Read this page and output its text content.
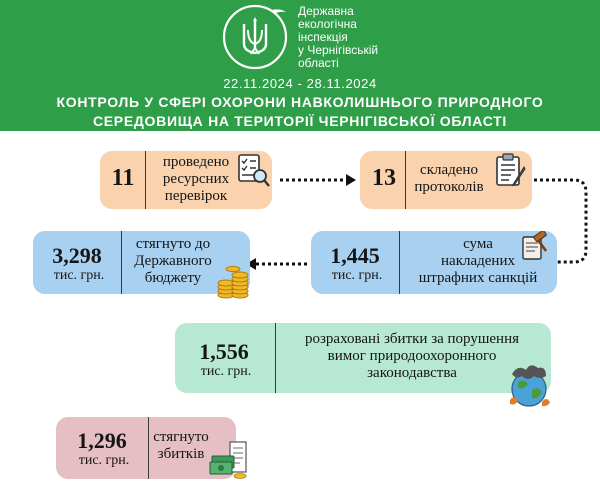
Державна
екологічна
інспекція
у Чернігівській
області
22.11.2024 - 28.11.2024
КОНТРОЛЬ У СФЕРІ ОХОРОНИ НАВКОЛИШНЬОГО ПРИРОДНОГО
СЕРЕДОВИЩА НА ТЕРИТОРІЇ ЧЕРНІГІВСЬКОЇ ОБЛАСТІ
11
проведено
ресурсних
перевірок
13	складено
протоколів
1,445
тис. грн.
сума
накладених
штрафних санкцій
3,298
тис. грн.
стягнуто до
Державного
бюджету
1,556
тис. грн.
розраховані збитки за порушення
вимог природоохоронного
законодавства
1,296
тис. грн.
стягнуто
збитків
